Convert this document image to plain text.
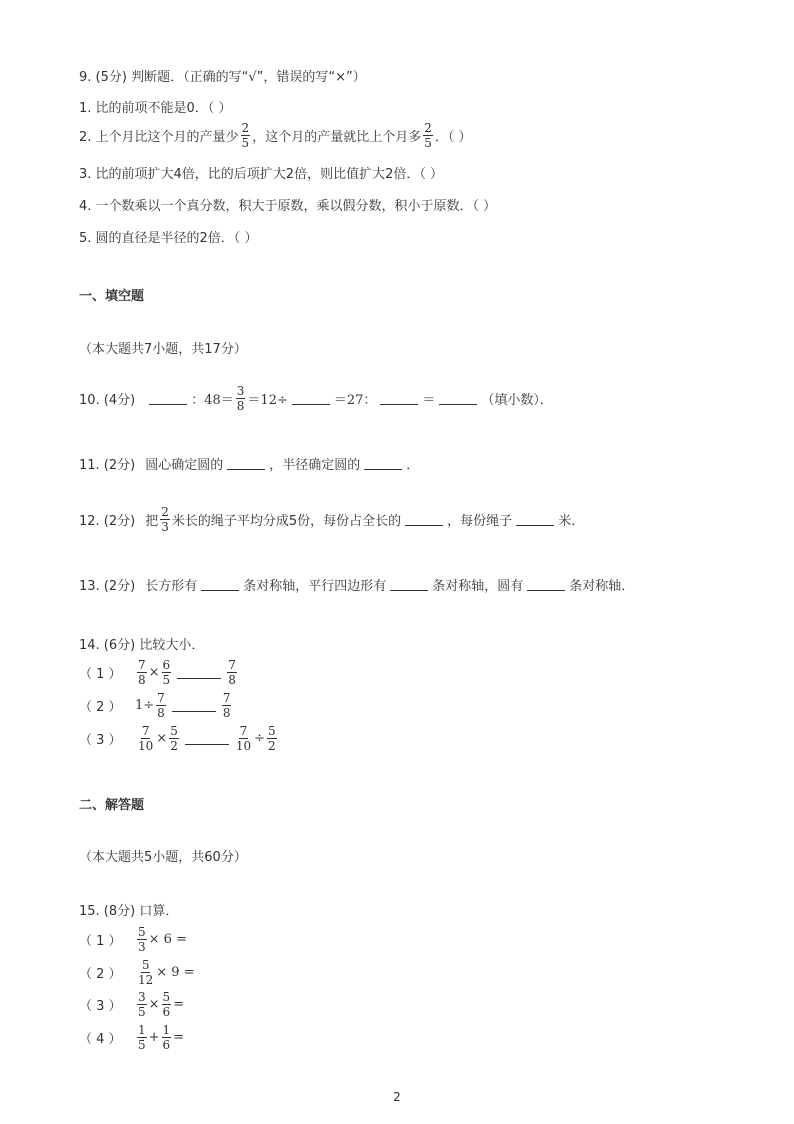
9. (5分) 判断题．（正确的写“√”，错误的写“×”）
1. 比的前项不能是0．（ ）
2. 上个月比这个月的产量少 $\frac{2}{5}$ ，这个月的产量就比上个月多 $\frac{2}{5}$ ．（ ）
3. 比的前项扩大4倍，比的后项扩大2倍，则比值扩大2倍．（ ）
4. 一个数乘以一个真分数，积大于原数，乘以假分数，积小于原数．（ ）
5. 圆的直径是半径的2倍．（ ）
一、填空题
（本大题共7小题，共17分）
10. (4分)	：$48= \frac{3}{8} =12\div$	＝27：	＝	（填小数）．
11. (2分) 圆心确定圆的	，半径确定圆的	．
12. (2分) 把 $\frac{2}{3}$ 米长的绳子平均分成5份，每份占全长的	，每份绳子	米．
13. (2分) 长方形有	条对称轴，平行四边形有	条对称轴，圆有	条对称轴．
14. (6分) 比较大小．
（ 1 ）	$\frac{7}{8} \times \frac{6}{5}$	$\frac{7}{8}$
（ 2 ）	$1\div \frac{7}{8}$	$\frac{7}{8}$
（ 3 ）	$\frac{7}{10} \times \frac{5}{2}$	$\frac{7}{10} \div \frac{5}{2}$
二、解答题
（本大题共5小题，共60分）
15. (8分) 口算．
（ 1 ）	$\frac{5}{3} \times 6$ =
（ 2 ）	$\frac{5}{12} \times 9$ =
（ 3 ）	$\frac{3}{5} \times \frac{5}{6}$ =
（ 4 ）	$\frac{1}{5} + \frac{1}{6}$ =
2
